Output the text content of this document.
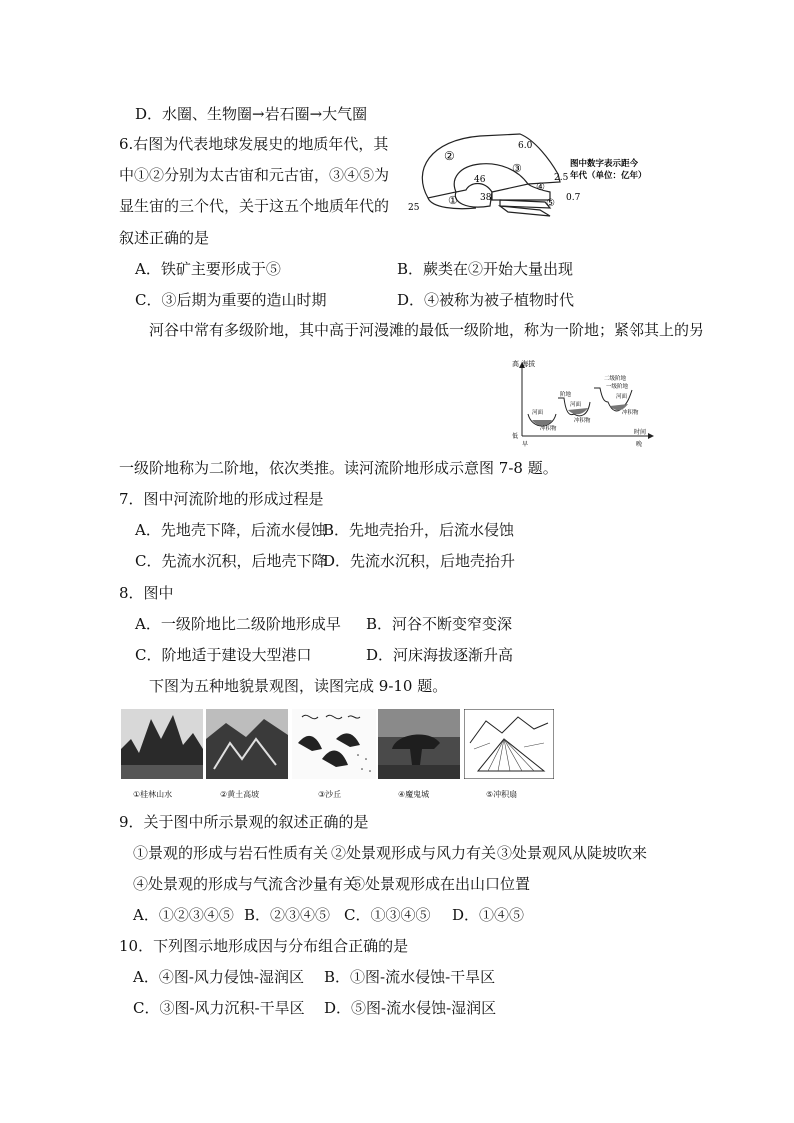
D．水圈、生物圈→岩石圈→大气圈
6.右图为代表地球发展史的地质年代，其
中①②分别为太古宙和元古宙，③④⑤为
显生宙的三个代，关于这五个地质年代的
叙述正确的是
②
①
③
④
⑤
6.0
2.5
0.7
46
38
25
图中数字表示距今
年代（单位：亿年）
A．铁矿主要形成于⑤	B．蕨类在②开始大量出现
C．③后期为重要的造山时期	D．④被称为被子植物时代
河谷中常有多级阶地，其中高于河漫滩的最低一级阶地，称为一阶地；紧邻其上的另
高 海拔
低
早
时间
晚
河面
冲积物
阶地
河面
冲积物
二级阶地
一级阶地
河面
冲积物
一级阶地称为二阶地，依次类推。读河流阶地形成示意图 7-8 题。
7．图中河流阶地的形成过程是
A．先地壳下降，后流水侵蚀
B．先地壳抬升，后流水侵蚀
C．先流水沉积，后地壳下降
D．先流水沉积，后地壳抬升
8．图中
A．一级阶地比二级阶地形成早 B．河谷不断变窄变深
C．阶地适于建设大型港口	D．河床海拔逐渐升高
下图为五种地貌景观图，读图完成 9-10 题。
①桂林山水	②黄土高坡	③沙丘	④魔鬼城	⑤冲积扇
9．关于图中所示景观的叙述正确的是
①景观的形成与岩石性质有关 ②处景观形成与风力有关 ③处景观风从陡坡吹来
④处景观的形成与气流含沙量有关
⑤处景观形成在出山口位置
A．①②③④⑤ B．②③④⑤ C．①③④⑤ D．①④⑤
10．下列图示地形成因与分布组合正确的是
A．④图-风力侵蚀-湿润区 B．①图-流水侵蚀-干旱区
C．③图-风力沉积-干旱区 D．⑤图-流水侵蚀-湿润区
